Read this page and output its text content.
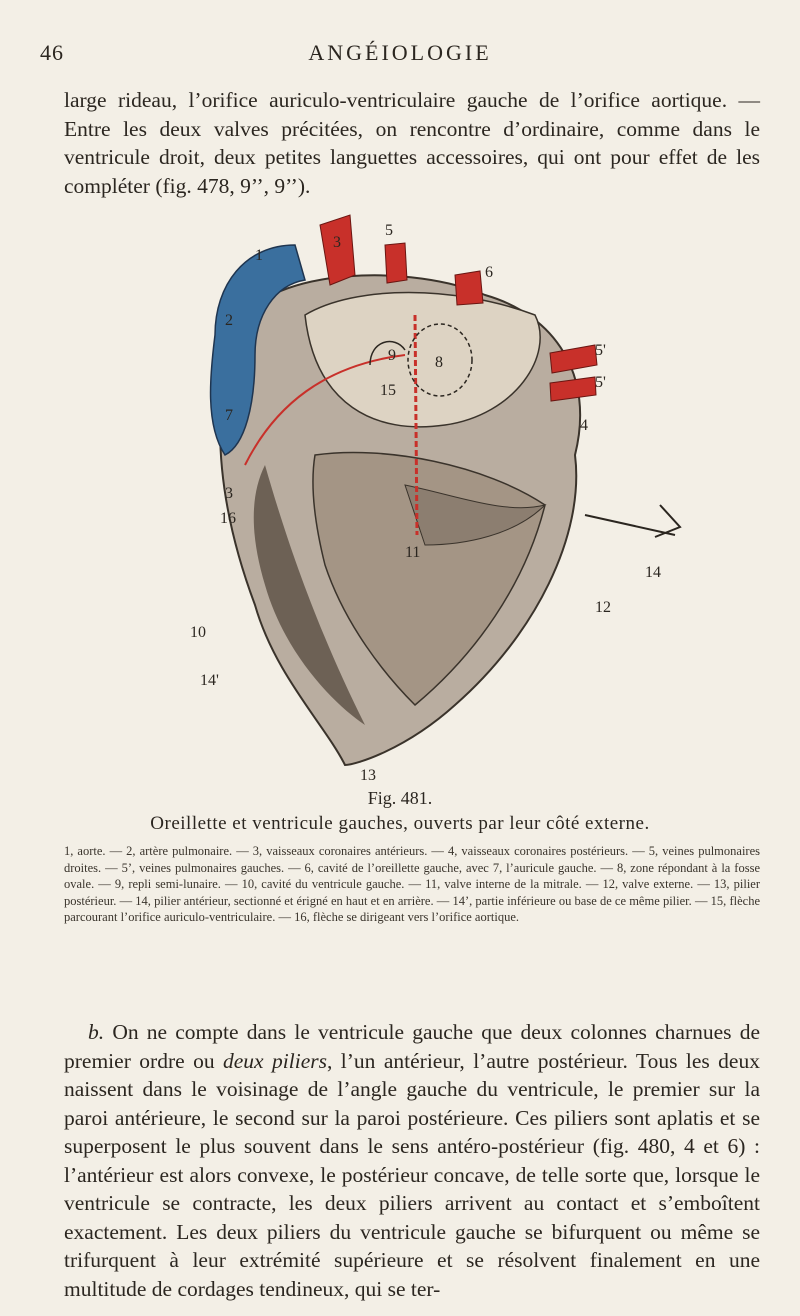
46	ANGÉIOLOGIE

large rideau, l’orifice auriculo-ventriculaire gauche de l’orifice aortique. — Entre les deux valves précitées, on rencontre d’ordinaire, comme dans le ventricule droit, deux petites languettes accessoires, qui ont pour effet de les compléter (fig. 478, 9’’, 9’’).

1
2
3
5
6
5'
5'
4
7
9 8
15
3
16
11
14
12
10
14'
13
Fig. 481.
Oreillette et ventricule gauches, ouverts par leur côté externe.

1, aorte. — 2, artère pulmonaire. — 3, vaisseaux coronaires antérieurs. — 4, vaisseaux coronaires postérieurs. — 5, veines pulmonaires droites. — 5’, veines pulmonaires gauches. — 6, cavité de l’oreillette gauche, avec 7, l’auricule gauche. — 8, zone répondant à la fosse ovale. — 9, repli semi-lunaire. — 10, cavité du ventricule gauche. — 11, valve interne de la mitrale. — 12, valve externe. — 13, pilier postérieur. — 14, pilier antérieur, sectionné et érigné en haut et en arrière. — 14’, partie inférieure ou base de ce même pilier. — 15, flèche parcourant l’orifice auriculo-ventriculaire. — 16, flèche se dirigeant vers l’orifice aortique.

b. On ne compte dans le ventricule gauche que deux colonnes charnues de premier ordre ou deux piliers, l’un antérieur, l’autre postérieur. Tous les deux naissent dans le voisinage de l’angle gauche du ventricule, le premier sur la paroi antérieure, le second sur la paroi postérieure. Ces piliers sont aplatis et se superposent le plus souvent dans le sens antéro-postérieur (fig. 480, 4 et 6) : l’antérieur est alors convexe, le postérieur concave, de telle sorte que, lorsque le ventricule se contracte, les deux piliers arrivent au contact et s’emboîtent exactement. Les deux piliers du ventricule gauche se bifurquent ou même se trifurquent à leur extrémité supérieure et se résolvent finalement en une multitude de cordages tendineux, qui se ter-
